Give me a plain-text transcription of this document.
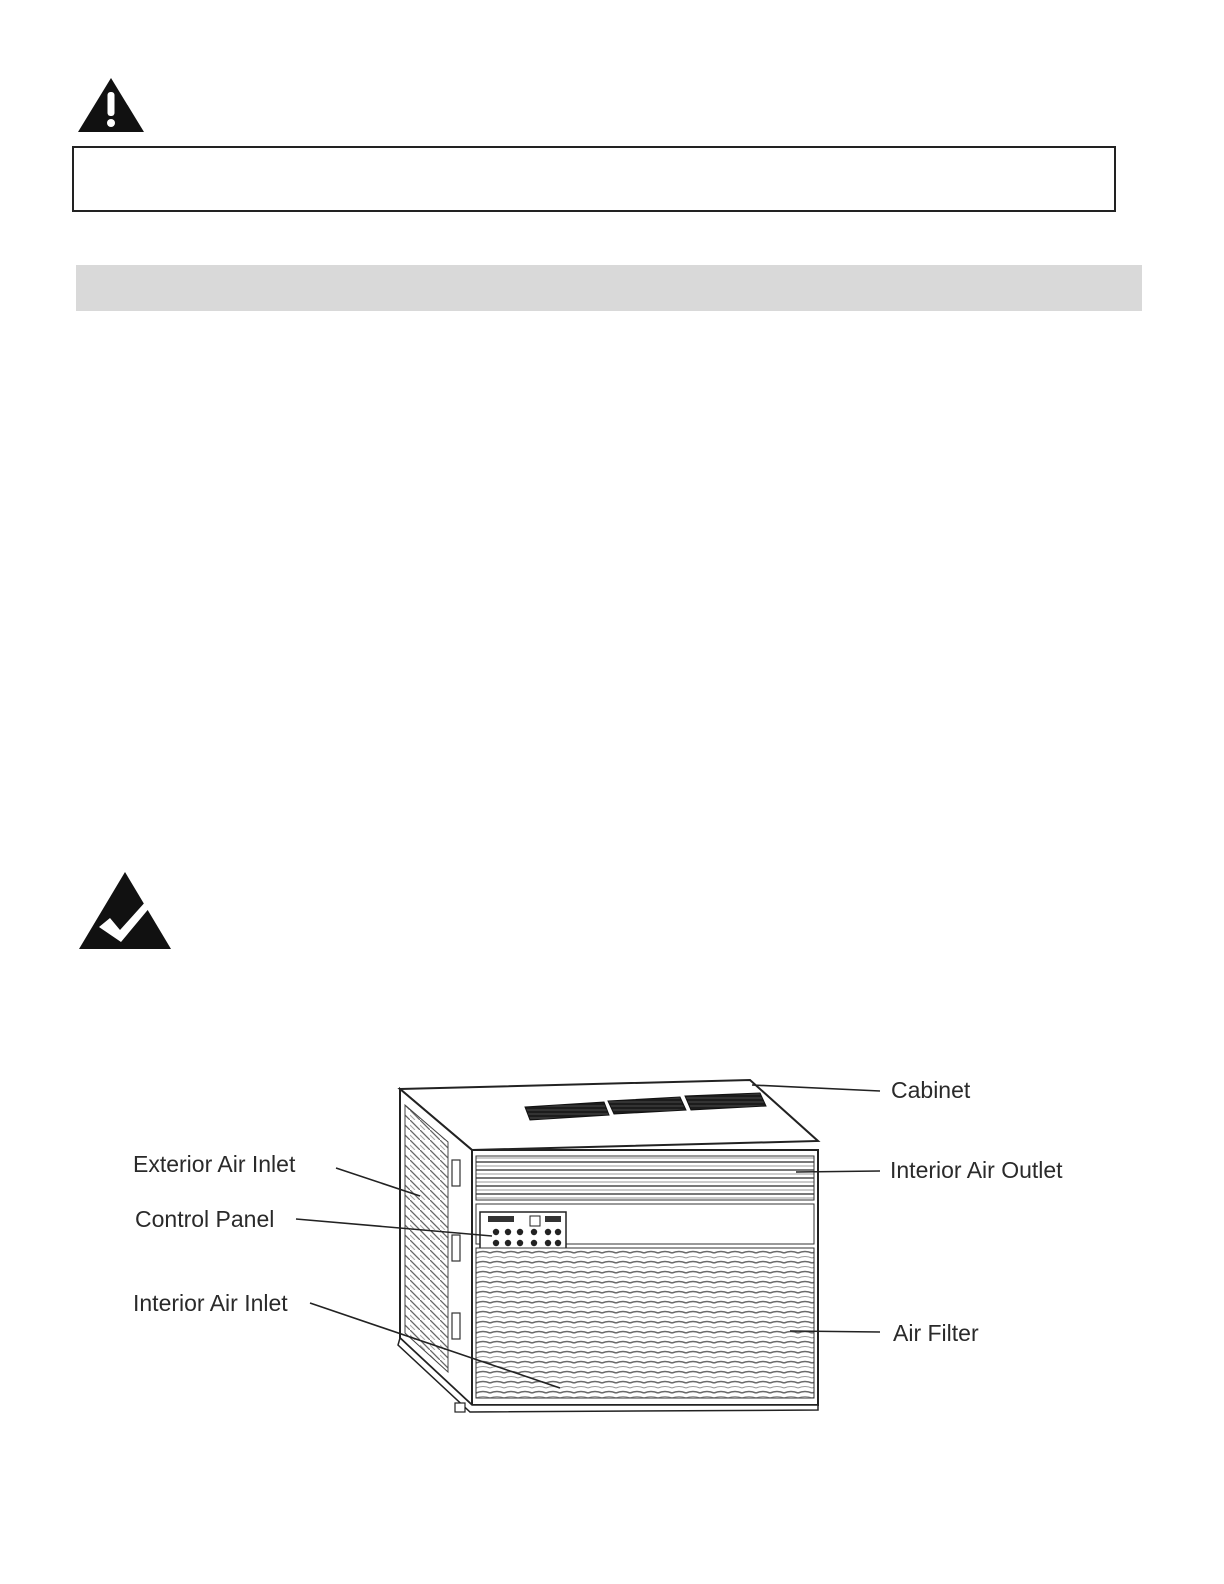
Cabinet
Interior Air Outlet
Air Filter
Exterior Air Inlet
Control Panel
Interior Air Inlet
